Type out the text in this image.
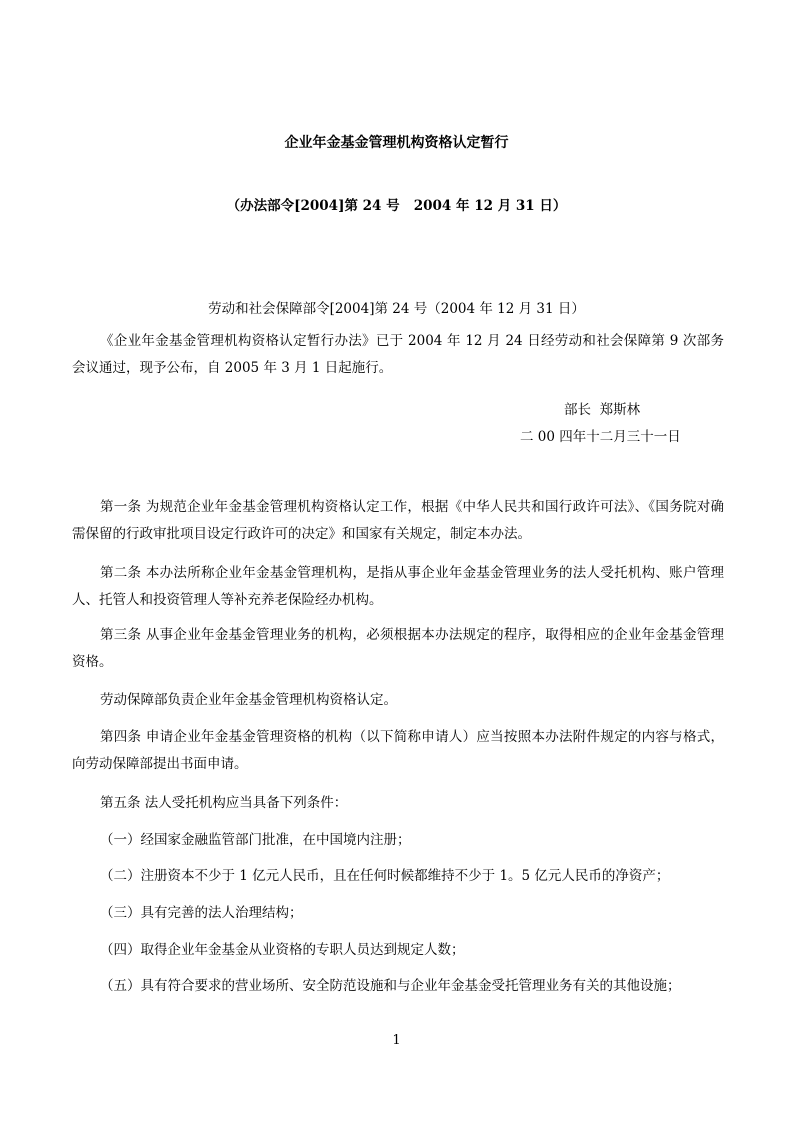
企业年金基金管理机构资格认定暂行
（办法部令[2004]第 24 号   2004 年 12 月 31 日）
劳动和社会保障部令[2004]第 24 号（2004 年 12 月 31 日）
《企业年金基金管理机构资格认定暂行办法》已于 2004 年 12 月 24 日经劳动和社会保障第 9 次部务会议通过，现予公布，自 2005 年 3 月 1 日起施行。
部长  郑斯林
二 00 四年十二月三十一日
第一条 为规范企业年金基金管理机构资格认定工作，根据《中华人民共和国行政许可法》、《国务院对确需保留的行政审批项目设定行政许可的决定》和国家有关规定，制定本办法。
第二条 本办法所称企业年金基金管理机构，是指从事企业年金基金管理业务的法人受托机构、账户管理人、托管人和投资管理人等补充养老保险经办机构。
第三条 从事企业年金基金管理业务的机构，必须根据本办法规定的程序，取得相应的企业年金基金管理资格。
劳动保障部负责企业年金基金管理机构资格认定。
第四条 申请企业年金基金管理资格的机构（以下简称申请人）应当按照本办法附件规定的内容与格式，向劳动保障部提出书面申请。
第五条 法人受托机构应当具备下列条件：
（一）经国家金融监管部门批准，在中国境内注册；
（二）注册资本不少于 1 亿元人民币，且在任何时候都维持不少于 1。5 亿元人民币的净资产；
（三）具有完善的法人治理结构；
（四）取得企业年金基金从业资格的专职人员达到规定人数；
（五）具有符合要求的营业场所、安全防范设施和与企业年金基金受托管理业务有关的其他设施；
1
